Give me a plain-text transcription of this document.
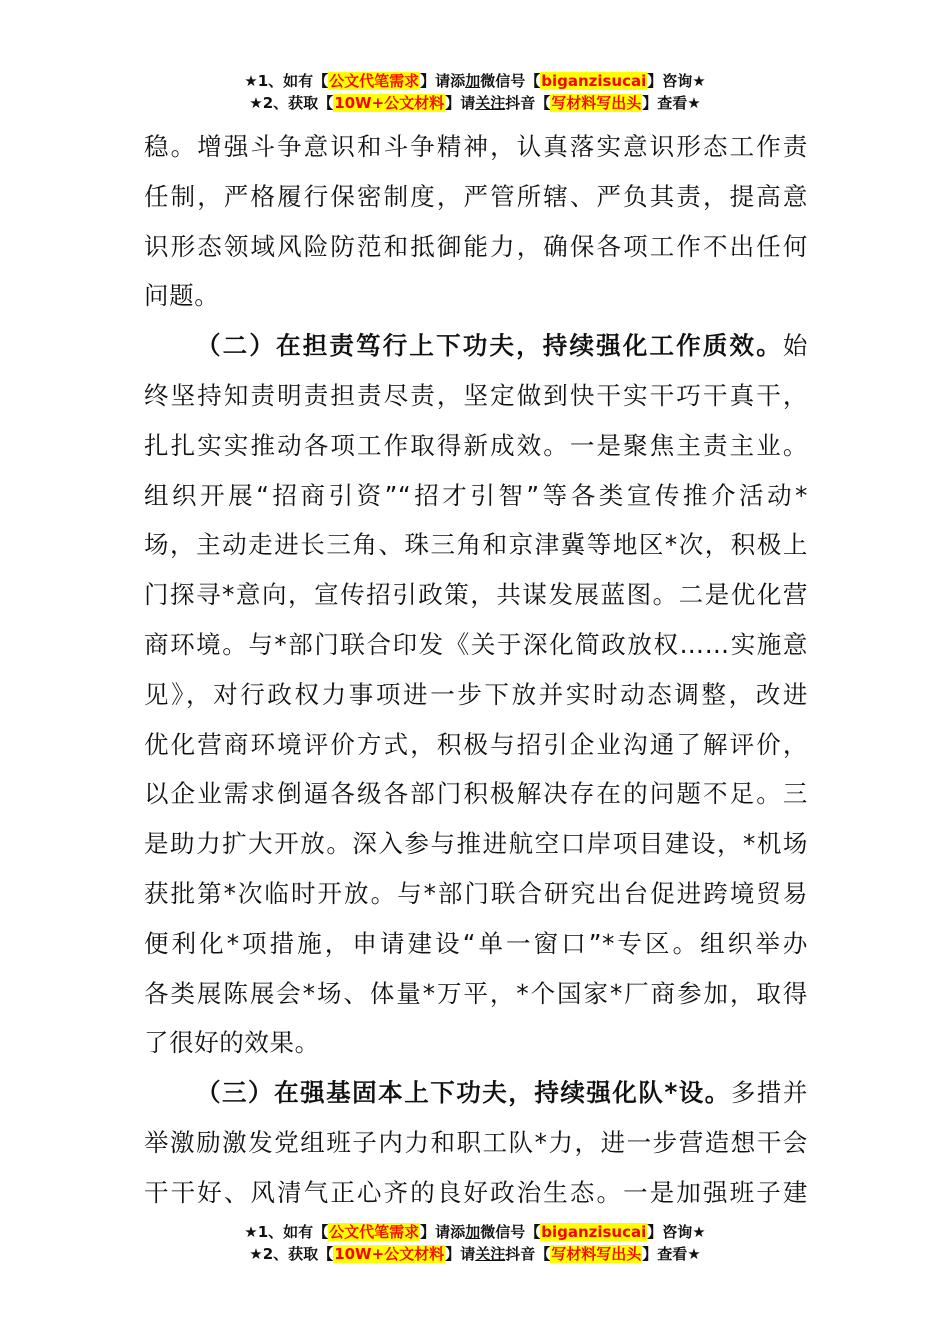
★1、如有【公文代笔需求】请添加微信号【biganzisucai】咨询★
★2、获取【10W+公文材料】请关注抖音【写材料写出头】查看★
稳。增强斗争意识和斗争精神，认真落实意识形态工作责
任制，严格履行保密制度，严管所辖、严负其责，提高意
识形态领域风险防范和抵御能力，确保各项工作不出任何
问题。
（二）在担责笃行上下功夫，持续强化工作质效。始
终坚持知责明责担责尽责，坚定做到快干实干巧干真干，
扎扎实实推动各项工作取得新成效。一是聚焦主责主业。
组织开展“招商引资”“招才引智”等各类宣传推介活动*
场，主动走进长三角、珠三角和京津冀等地区*次，积极上
门探寻*意向，宣传招引政策，共谋发展蓝图。二是优化营
商环境。与*部门联合印发《关于深化简政放权……实施意
见》，对行政权力事项进一步下放并实时动态调整，改进
优化营商环境评价方式，积极与招引企业沟通了解评价，
以企业需求倒逼各级各部门积极解决存在的问题不足。三
是助力扩大开放。深入参与推进航空口岸项目建设，*机场
获批第*次临时开放。与*部门联合研究出台促进跨境贸易
便利化*项措施，申请建设“单一窗口”*专区。组织举办
各类展陈展会*场、体量*万平，*个国家*厂商参加，取得
了很好的效果。
（三）在强基固本上下功夫，持续强化队*设。多措并
举激励激发党组班子内力和职工队*力，进一步营造想干会
干干好、风清气正心齐的良好政治生态。一是加强班子建
★1、如有【公文代笔需求】请添加微信号【biganzisucai】咨询★
★2、获取【10W+公文材料】请关注抖音【写材料写出头】查看★
